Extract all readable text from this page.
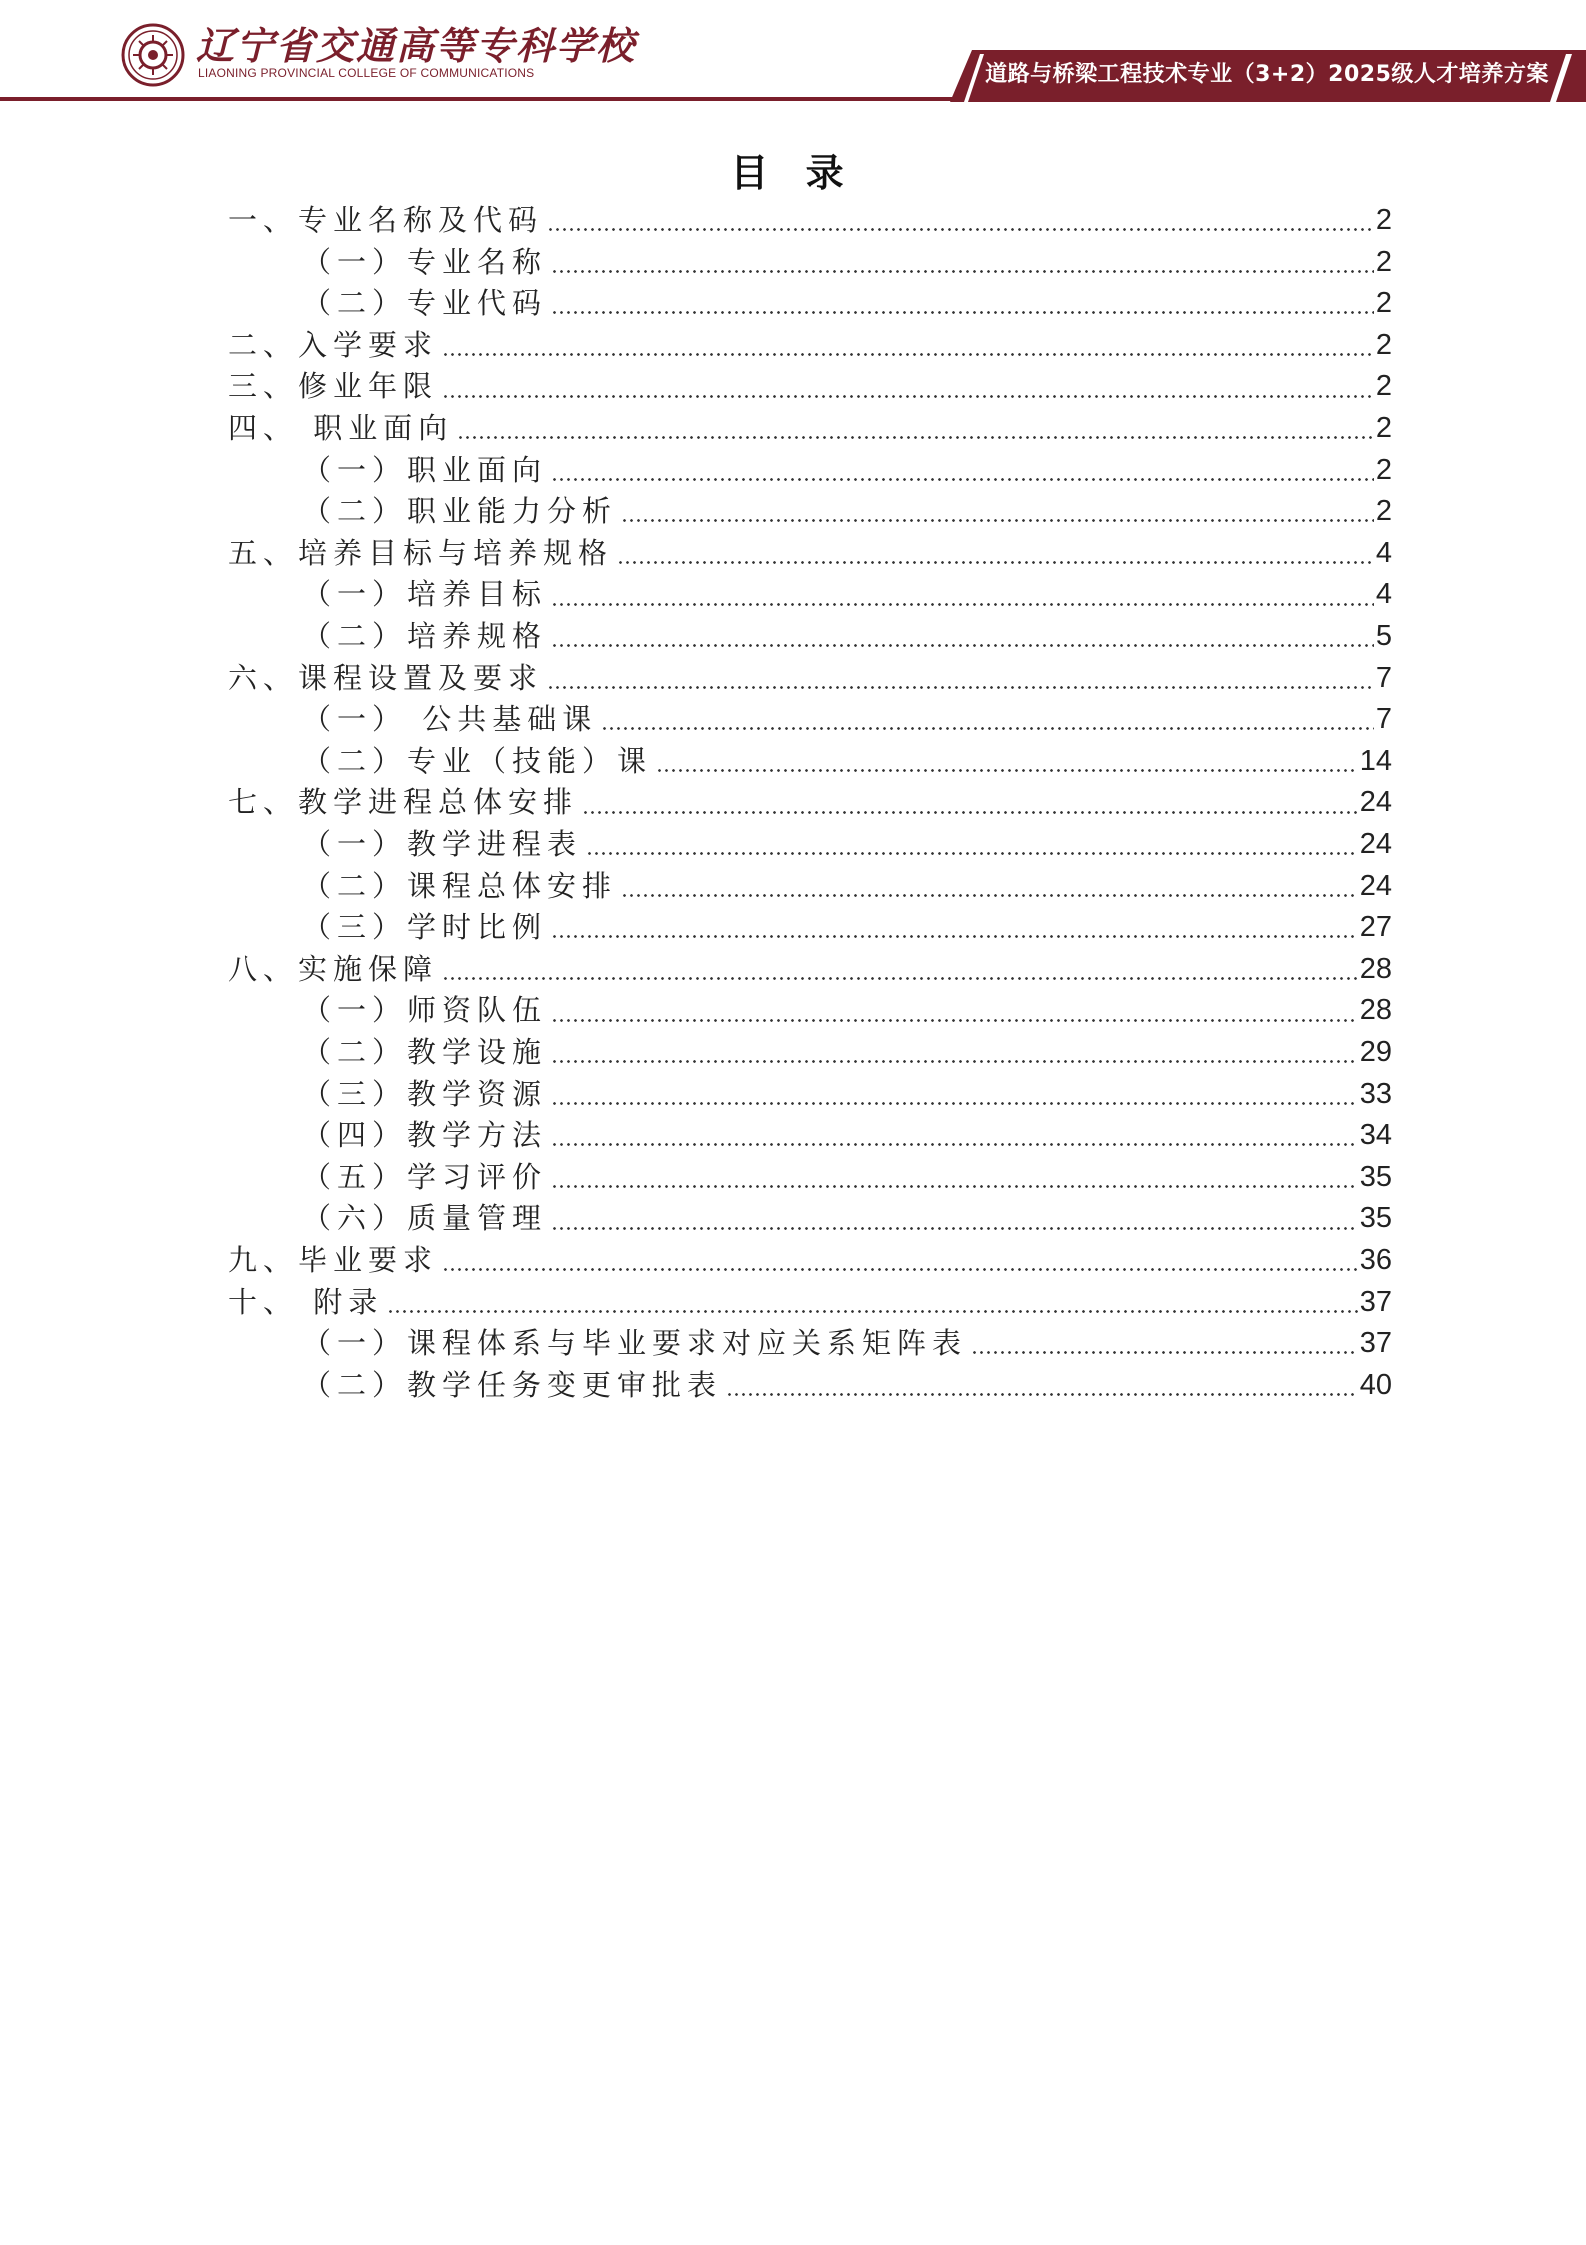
辽宁省交通高等专科学校
LIAONING PROVINCIAL COLLEGE OF COMMUNICATIONS	道路与桥梁工程技术专业（3+2）2025级人才培养方案
目 录
一、专业名称及代码	2
（一）专业名称	2
（二）专业代码	2
二、入学要求	2
三、修业年限	2
四、 职业面向	2
（一）职业面向	2
（二）职业能力分析	2
五、培养目标与培养规格	4
（一）培养目标	4
（二）培养规格	5
六、课程设置及要求	7
（一） 公共基础课	7
（二）专业（技能）课	14
七、教学进程总体安排	24
（一）教学进程表	24
（二）课程总体安排	24
（三）学时比例	27
八、实施保障	28
（一）师资队伍	28
（二）教学设施	29
（三）教学资源	33
（四）教学方法	34
（五）学习评价	35
（六）质量管理	35
九、毕业要求	36
十、 附录	37
（一）课程体系与毕业要求对应关系矩阵表	37
（二）教学任务变更审批表	40
